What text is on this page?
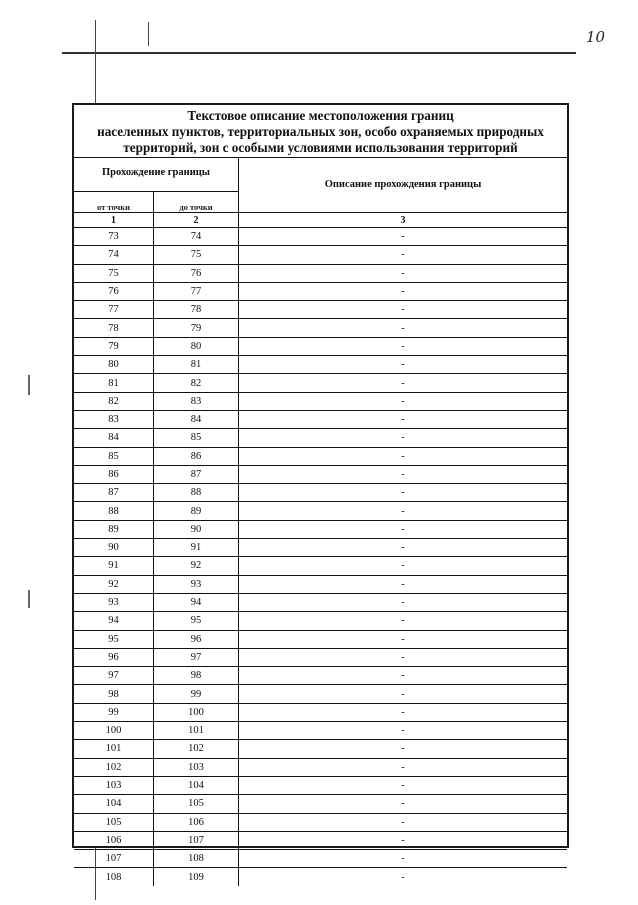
10
Текстовое описание местоположения границ
населенных пунктов, территориальных зон, особо охраняемых природных
территорий, зон с особыми условиями использования территорий
Прохождение границы
от точки	до точки
Описание прохождения границы
1	2	3
73	74	-
74	75	-
75	76	-
76	77	-
77	78	-
78	79	-
79	80	-
80	81	-
81	82	-
82	83	-
83	84	-
84	85	-
85	86	-
86	87	-
87	88	-
88	89	-
89	90	-
90	91	-
91	92	-
92	93	-
93	94	-
94	95	-
95	96	-
96	97	-
97	98	-
98	99	-
99	100	-
100	101	-
101	102	-
102	103	-
103	104	-
104	105	-
105	106	-
106	107	-
107	108	-
108	109	-
